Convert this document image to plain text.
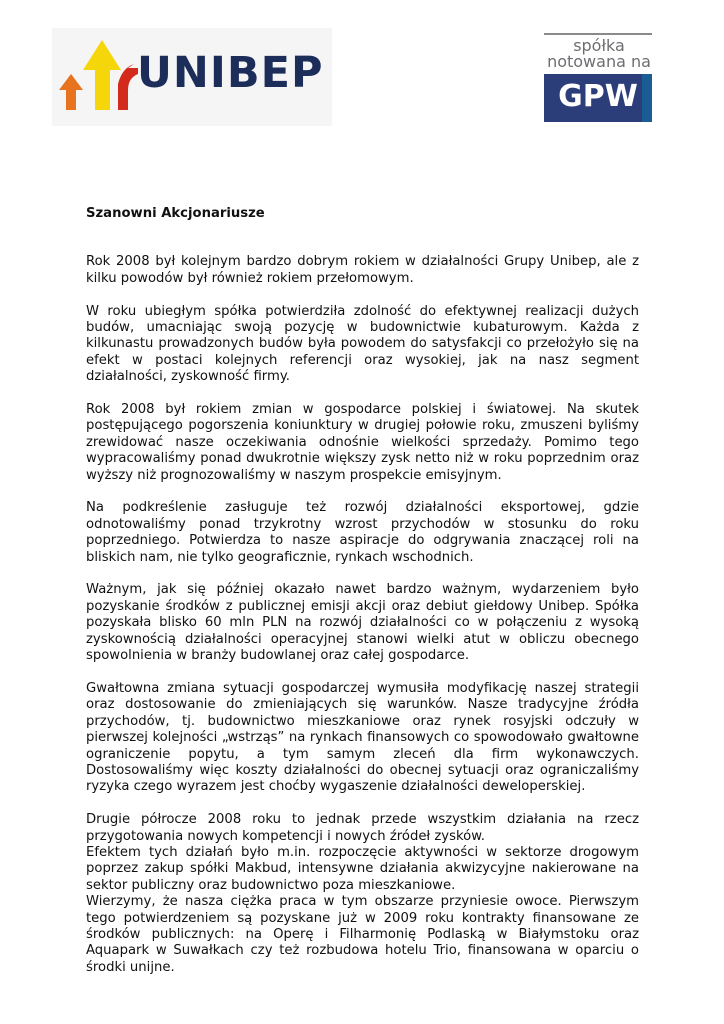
UNIBEP
spółka
notowana na
GPW

Szanowni Akcjonariusze

Rok 2008 był kolejnym bardzo dobrym rokiem w działalności Grupy Unibep, ale z kilku powodów był również rokiem przełomowym.

W roku ubiegłym spółka potwierdziła zdolność do efektywnej realizacji dużych budów, umacniając swoją pozycję w budownictwie kubaturowym. Każda z kilkunastu prowadzonych budów była powodem do satysfakcji co przełożyło się na efekt w postaci kolejnych referencji oraz wysokiej, jak na nasz segment działalności, zyskowność firmy.

Rok 2008 był rokiem zmian w gospodarce polskiej i światowej. Na skutek postępującego pogorszenia koniunktury w drugiej połowie roku, zmuszeni byliśmy zrewidować nasze oczekiwania odnośnie wielkości sprzedaży. Pomimo tego wypracowaliśmy ponad dwukrotnie większy zysk netto niż w roku poprzednim oraz wyższy niż prognozowaliśmy w naszym prospekcie emisyjnym.

Na podkreślenie zasługuje też rozwój działalności eksportowej, gdzie odnotowaliśmy ponad trzykrotny wzrost przychodów w stosunku do roku poprzedniego. Potwierdza to nasze aspiracje do odgrywania znaczącej roli na bliskich nam, nie tylko geograficznie, rynkach wschodnich.

Ważnym, jak się później okazało nawet bardzo ważnym, wydarzeniem było pozyskanie środków z publicznej emisji akcji oraz debiut giełdowy Unibep. Spółka pozyskała blisko 60 mln PLN na rozwój działalności co w połączeniu z wysoką zyskownością działalności operacyjnej stanowi wielki atut w obliczu obecnego spowolnienia w branży budowlanej oraz całej gospodarce.

Gwałtowna zmiana sytuacji gospodarczej wymusiła modyfikację naszej strategii oraz dostosowanie do zmieniających się warunków. Nasze tradycyjne źródła przychodów, tj. budownictwo mieszkaniowe oraz rynek rosyjski odczuły w pierwszej kolejności „wstrząs” na rynkach finansowych co spowodowało gwałtowne ograniczenie popytu, a tym samym zleceń dla firm wykonawczych. Dostosowaliśmy więc koszty działalności do obecnej sytuacji oraz ograniczaliśmy ryzyka czego wyrazem jest choćby wygaszenie działalności deweloperskiej.

Drugie półrocze 2008 roku to jednak przede wszystkim działania na rzecz przygotowania nowych kompetencji i nowych źródeł zysków.

Efektem tych działań było m.in. rozpoczęcie aktywności w sektorze drogowym poprzez zakup spółki Makbud, intensywne działania akwizycyjne nakierowane na sektor publiczny oraz budownictwo poza mieszkaniowe.

Wierzymy, że nasza ciężka praca w tym obszarze przyniesie owoce. Pierwszym tego potwierdzeniem są pozyskane już w 2009 roku kontrakty finansowane ze środków publicznych: na Operę i Filharmonię Podlaską w Białymstoku oraz Aquapark w Suwałkach czy też rozbudowa hotelu Trio, finansowana w oparciu o środki unijne.
